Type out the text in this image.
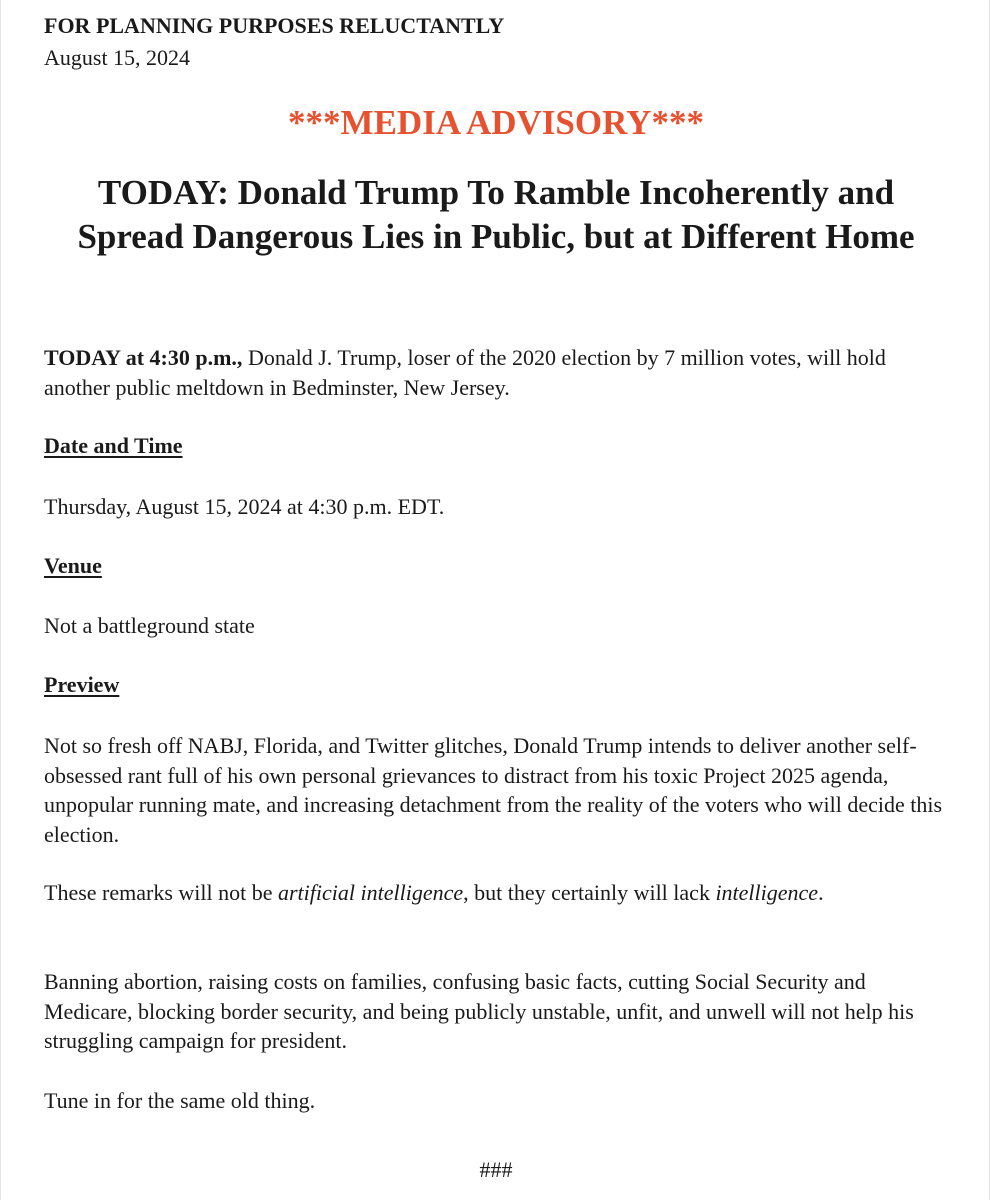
FOR PLANNING PURPOSES RELUCTANTLY

August 15, 2024

***MEDIA ADVISORY***
TODAY: Donald Trump To Ramble Incoherently and Spread Dangerous Lies in Public, but at Different Home

TODAY at 4:30 p.m., Donald J. Trump, loser of the 2020 election by 7 million votes, will hold another public meltdown in Bedminster, New Jersey.

Date and Time

Thursday, August 15, 2024 at 4:30 p.m. EDT.

Venue

Not a battleground state

Preview

Not so fresh off NABJ, Florida, and Twitter glitches, Donald Trump intends to deliver another self-obsessed rant full of his own personal grievances to distract from his toxic Project 2025 agenda, unpopular running mate, and increasing detachment from the reality of the voters who will decide this election.

These remarks will not be artificial intelligence, but they certainly will lack intelligence.

Banning abortion, raising costs on families, confusing basic facts, cutting Social Security and Medicare, blocking border security, and being publicly unstable, unfit, and unwell will not help his struggling campaign for president.

Tune in for the same old thing.

###
